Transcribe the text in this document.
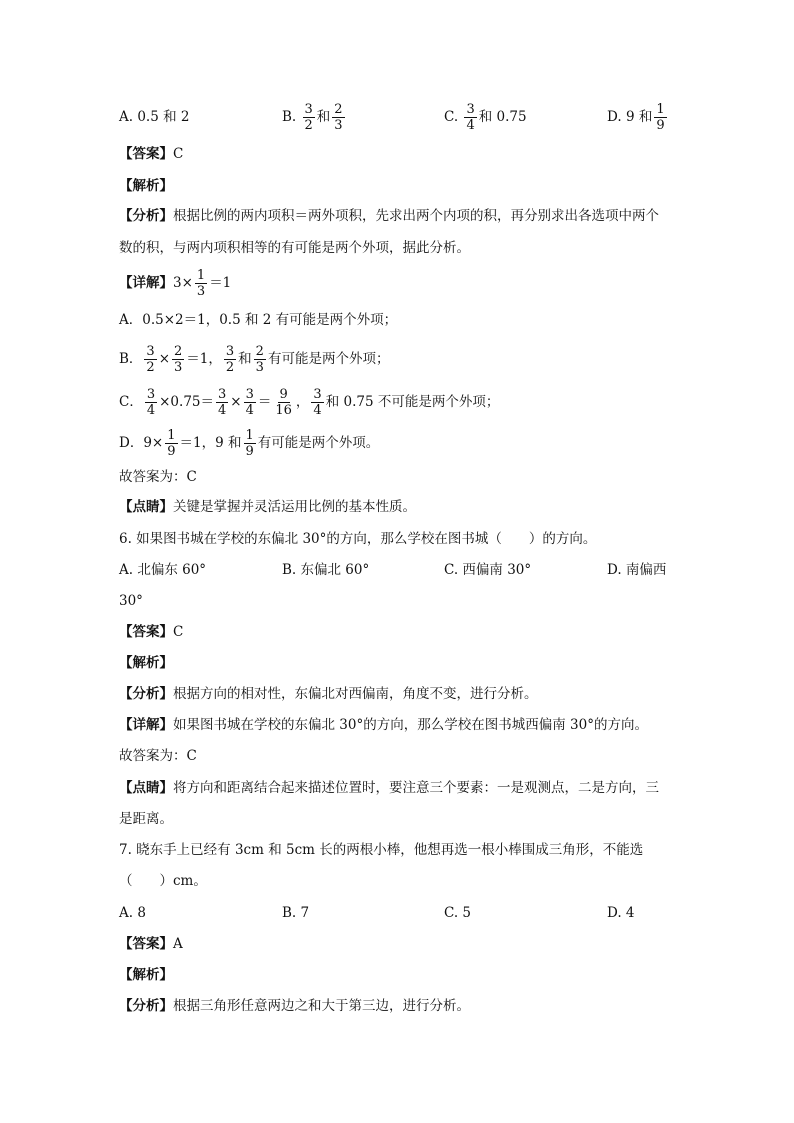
A. 0.5 和 2	B. $\frac{3}{2}$ 和 $\frac{2}{3}$	C. $\frac{3}{4}$ 和 0.75	D. 9 和 $\frac{1}{9}$
【答案】C
【解析】
【分析】根据比例的两内项积＝两外项积，先求出两个内项的积，再分别求出各选项中两个
数的积，与两内项积相等的有可能是两个外项，据此分析。
【详解】$3\times \frac{1}{3} =1$
A．0.5×2＝1，0.5 和 2 有可能是两个外项；
B． $\frac{3}{2} \times \frac{2}{3} =1$， $\frac{3}{2}$ 和 $\frac{2}{3}$ 有可能是两个外项；
C． $\frac{3}{4} \times 0.75= \frac{3}{4} \times \frac{3}{4} = \frac{9}{16}$ ， $\frac{3}{4}$ 和 0.75 不可能是两个外项；
D．$9\times \frac{1}{9} =1$，9 和 $\frac{1}{9}$ 有可能是两个外项。
故答案为：C
【点睛】关键是掌握并灵活运用比例的基本性质。
6. 如果图书城在学校的东偏北 30°的方向，那么学校在图书城（　　）的方向。
A. 北偏东 60°	B. 东偏北 60°	C. 西偏南 30°	D. 南偏西
30°
【答案】C
【解析】
【分析】根据方向的相对性，东偏北对西偏南，角度不变，进行分析。
【详解】如果图书城在学校的东偏北 30°的方向，那么学校在图书城西偏南 30°的方向。
故答案为：C
【点睛】将方向和距离结合起来描述位置时，要注意三个要素：一是观测点，二是方向，三
是距离。
7. 晓东手上已经有 3cm 和 5cm 长的两根小棒，他想再选一根小棒围成三角形，不能选
（　　）cm。
A. 8	B. 7	C. 5	D. 4
【答案】A
【解析】
【分析】根据三角形任意两边之和大于第三边，进行分析。
